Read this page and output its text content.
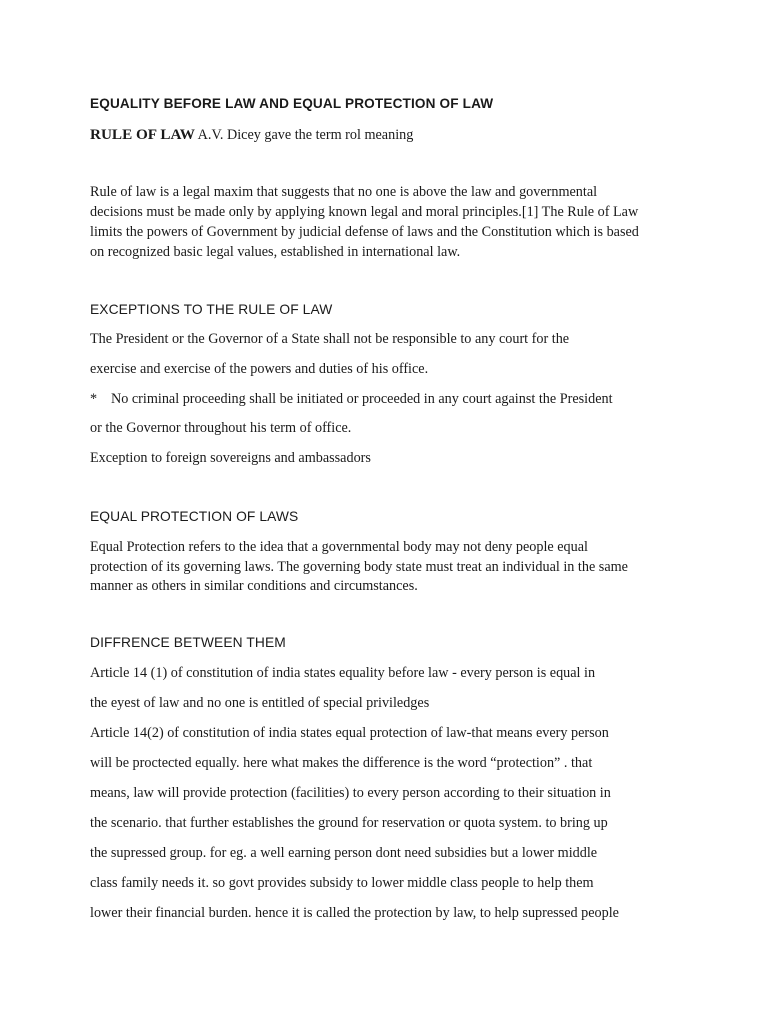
EQUALITY BEFORE LAW AND EQUAL PROTECTION OF LAW
RULE OF LAW A.V. Dicey gave the term rol meaning
Rule of law is a legal maxim that suggests that no one is above the law and governmental
decisions must be made only by applying known legal and moral principles.[1] The Rule of Law
limits the powers of Government by judicial defense of laws and the Constitution which is based
on recognized basic legal values, established in international law.
EXCEPTIONS TO THE RULE OF LAW
The President or the Governor of a State shall not be responsible to any court for the
exercise and exercise of the powers and duties of his office.
* No criminal proceeding shall be initiated or proceeded in any court against the President
or the Governor throughout his term of office.
Exception to foreign sovereigns and ambassadors
EQUAL PROTECTION OF LAWS
Equal Protection refers to the idea that a governmental body may not deny people equal
protection of its governing laws. The governing body state must treat an individual in the same
manner as others in similar conditions and circumstances.
DIFFRENCE BETWEEN THEM
Article 14 (1) of constitution of india states equality before law - every person is equal in
the eyest of law and no one is entitled of special priviledges
Article 14(2) of constitution of india states equal protection of law-that means every person
will be proctected equally. here what makes the difference is the word “protection” . that
means, law will provide protection (facilities) to every person according to their situation in
the scenario. that further establishes the ground for reservation or quota system. to bring up
the supressed group. for eg. a well earning person dont need subsidies but a lower middle
class family needs it. so govt provides subsidy to lower middle class people to help them
lower their financial burden. hence it is called the protection by law, to help supressed people
